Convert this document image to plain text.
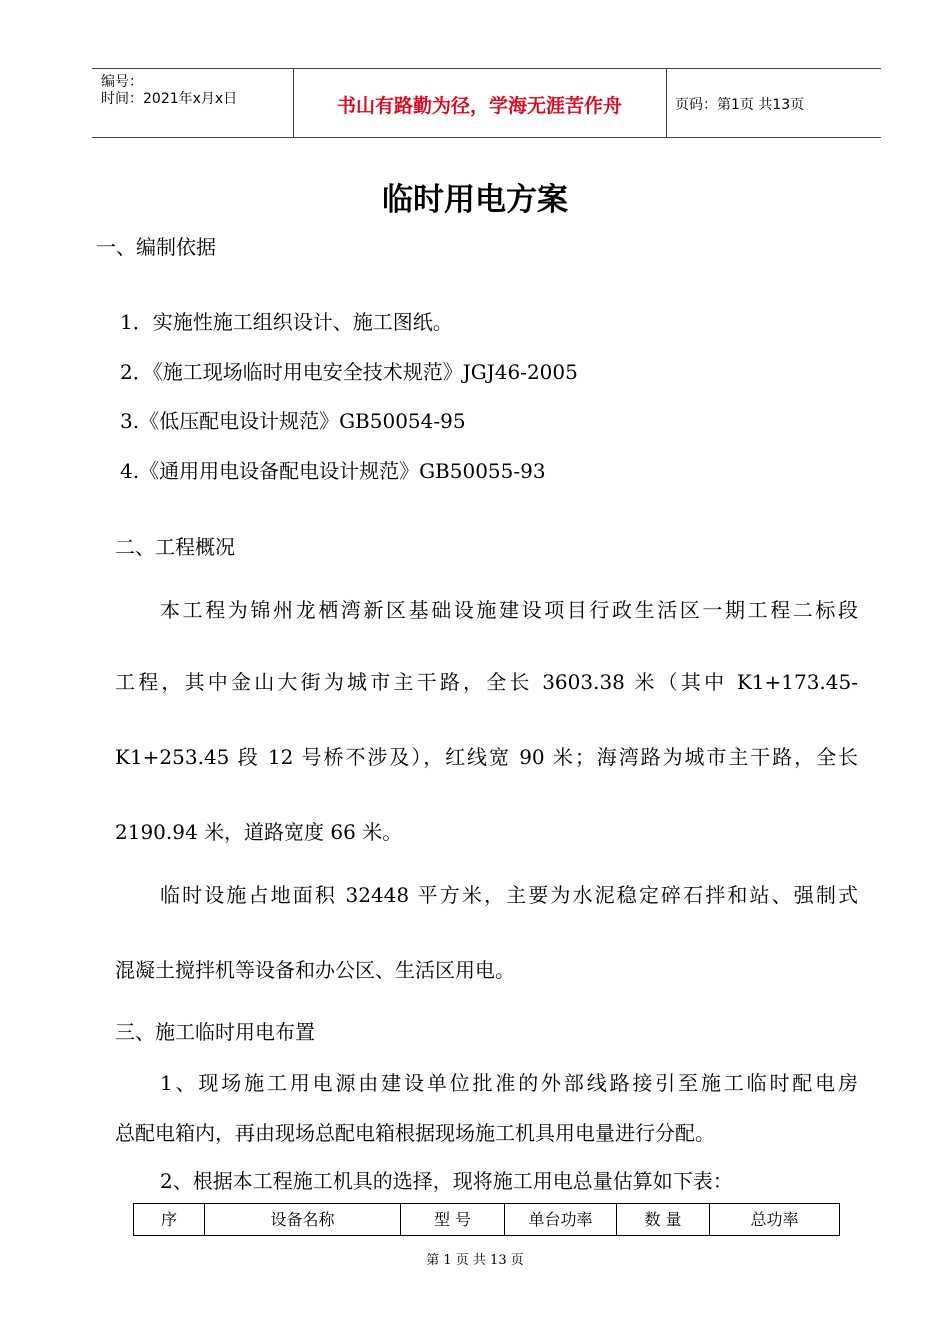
编号：
时间：2021年x月x日	书山有路勤为径，学海无涯苦作舟	页码：第1页 共13页
临时用电方案
一、编制依据
1．实施性施工组织设计、施工图纸。
2．《施工现场临时用电安全技术规范》JGJ46-2005
3.《低压配电设计规范》GB50054-95
4.《通用用电设备配电设计规范》GB50055-93
二、工程概况
本工程为锦州龙栖湾新区基础设施建设项目行政生活区一期工程二标段
工程，其中金山大街为城市主干路，全长 3603.38 米（其中 K1+173.45-
K1+253.45 段 12 号桥不涉及），红线宽 90 米；海湾路为城市主干路，全长
2190.94 米，道路宽度 66 米。
临时设施占地面积 32448 平方米，主要为水泥稳定碎石拌和站、强制式
混凝土搅拌机等设备和办公区、生活区用电。
三、施工临时用电布置
1、现场施工用电源由建设单位批准的外部线路接引至施工临时配电房
总配电箱内，再由现场总配电箱根据现场施工机具用电量进行分配。
2、根据本工程施工机具的选择，现将施工用电总量估算如下表：
序	设备名称	型 号	单台功率	数 量	总功率
第 1 页 共 13 页
